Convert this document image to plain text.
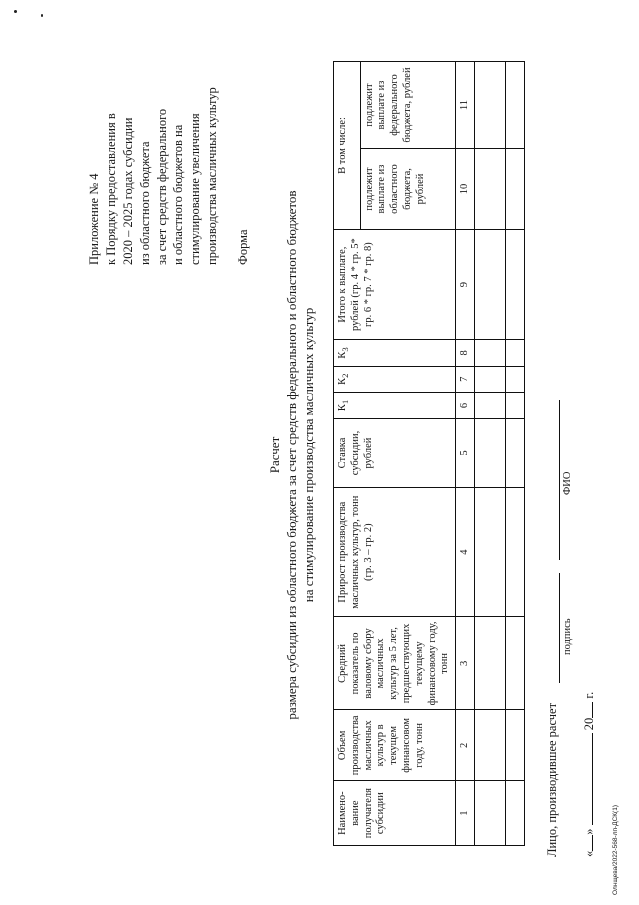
Приложение № 4 к Порядку предоставления в 2020 – 2025 годах субсидии из областного бюджета за счет средств федерального и областного бюджетов на стимулирование увеличения производства масличных культур Форма
Расчет размера субсидии из областного бюджета за счет средств федерального и областного бюджетов на стимулирование производства масличных культур
Наимено-вание получателя субсидии	Объем производства масличных культур в текущем финансовом году, тонн	Средний показатель по валовому сбору масличных культур за 5 лет, предшествующих текущему финансовому году, тонн	Прирост производства масличных культур, тонн (гр. 3 – гр. 2)	Ставка субсидии, рублей	$К_1$	$К_2$	$К_3$	Итого к выплате, рублей (гр. 4 * гр. 5* гр. 6 * гр. 7 * гр. 8)	В том числе:	
									подлежит выплате из областного бюджета, рублей	подлежит выплате из федерального бюджета, рублей
1	2	3	4	5	6	7	8	9	10	11

Лицо, производившее расчет
подпись
ФИО
«»  20 г.
Олнщева/2022-568-лп-ДСК(1)
